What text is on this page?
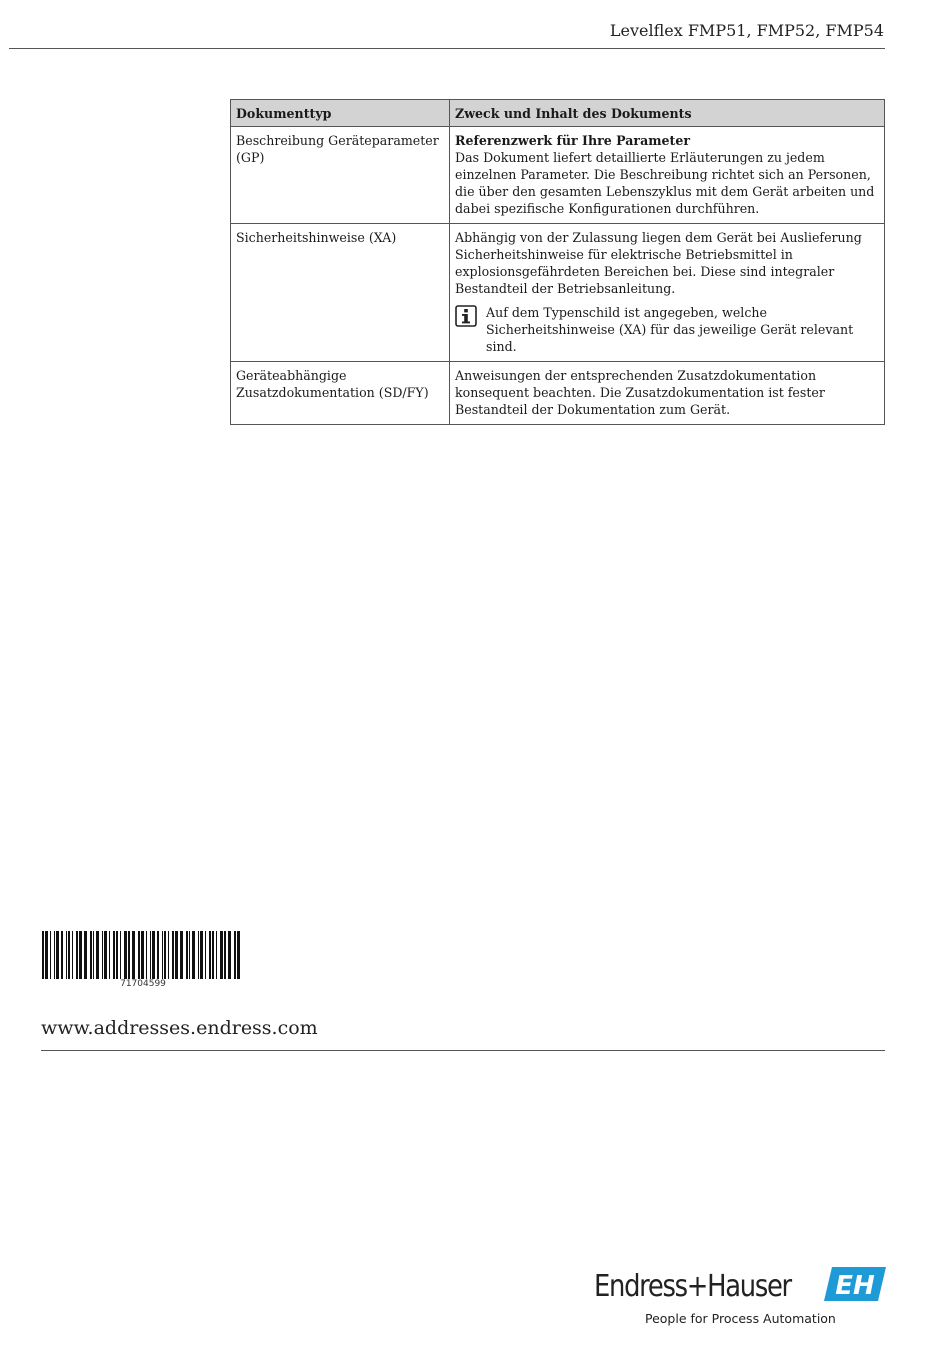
Levelflex FMP51, FMP52, FMP54
Dokumenttyp	Zweck und Inhalt des Dokuments
Beschreibung Geräteparameter (GP)	Referenzwerk für Ihre Parameter
Das Dokument liefert detaillierte Erläuterungen zu jedem einzelnen Parameter. Die Beschreibung richtet sich an Personen, die über den gesamten Lebenszyklus mit dem Gerät arbeiten und dabei spezifische Konfigurationen durchführen.
Sicherheitshinweise (XA)	Abhängig von der Zulassung liegen dem Gerät bei Auslieferung Sicherheitshinweise für elektrische Betriebsmittel in explosionsgefährdeten Bereichen bei. Diese sind integraler Bestandteil der Betriebsanleitung.
Auf dem Typenschild ist angegeben, welche Sicherheitshinweise (XA) für das jeweilige Gerät relevant sind.

Geräteabhängige Zusatzdokumentation (SD/FY)	Anweisungen der entsprechenden Zusatzdokumentation konsequent beachten. Die Zusatzdokumentation ist fester Bestandteil der Dokumentation zum Gerät.
71704599
www.addresses.endress.com
Endress+Hauser EH
People for Process Automation
